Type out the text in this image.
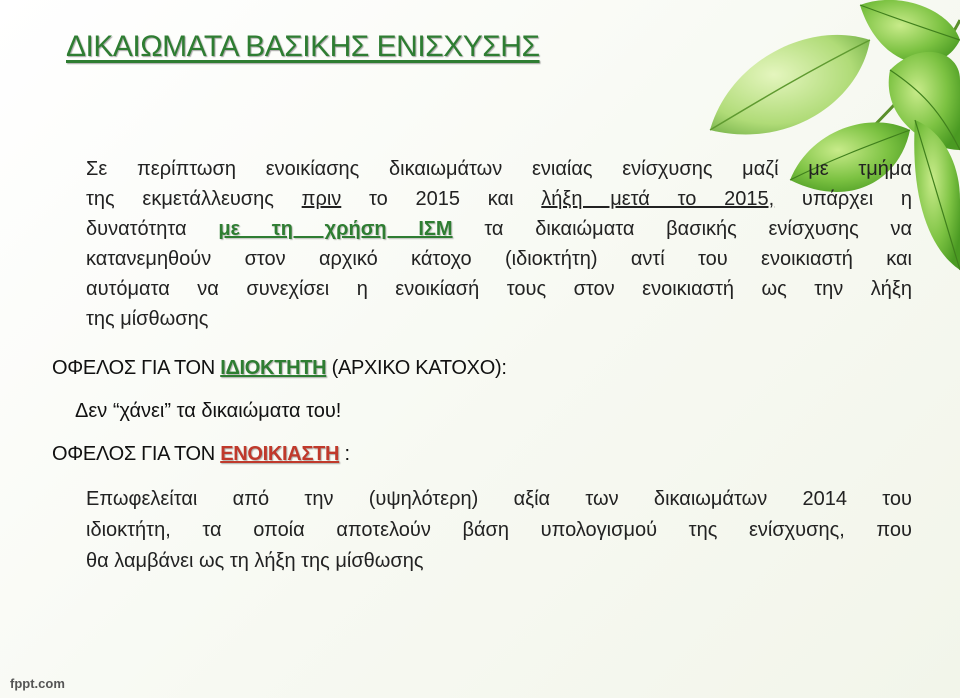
ΔΙΚΑΙΩΜΑΤΑ ΒΑΣΙΚΗΣ ΕΝΙΣΧΥΣΗΣ
Σε περίπτωση ενοικίασης δικαιωμάτων ενιαίας ενίσχυσης μαζί με τμήμα
της εκμετάλλευσης πριν το 2015 και λήξη μετά το 2015, υπάρχει η
δυνατότητα με τη χρήση ΙΣΜ τα δικαιώματα βασικής ενίσχυσης να
κατανεμηθούν στον αρχικό κάτοχο (ιδιοκτήτη) αντί του ενοικιαστή και
αυτόματα να συνεχίσει η ενοικίασή τους στον ενοικιαστή ως την λήξη
της μίσθωσης

ΟΦΕΛΟΣ ΓΙΑ ΤΟΝ ΙΔΙΟΚΤΗΤΗ (ΑΡΧΙΚΟ ΚΑΤΟΧΟ):

Δεν “χάνει” τα δικαιώματα του!

ΟΦΕΛΟΣ ΓΙΑ ΤΟΝ ΕΝΟΙΚΙΑΣΤΗ :

Επωφελείται από την (υψηλότερη) αξία των δικαιωμάτων 2014 του
ιδιοκτήτη, τα οποία αποτελούν βάση υπολογισμού της ενίσχυσης, που
θα λαμβάνει ως τη λήξη της μίσθωσης
fppt.com
